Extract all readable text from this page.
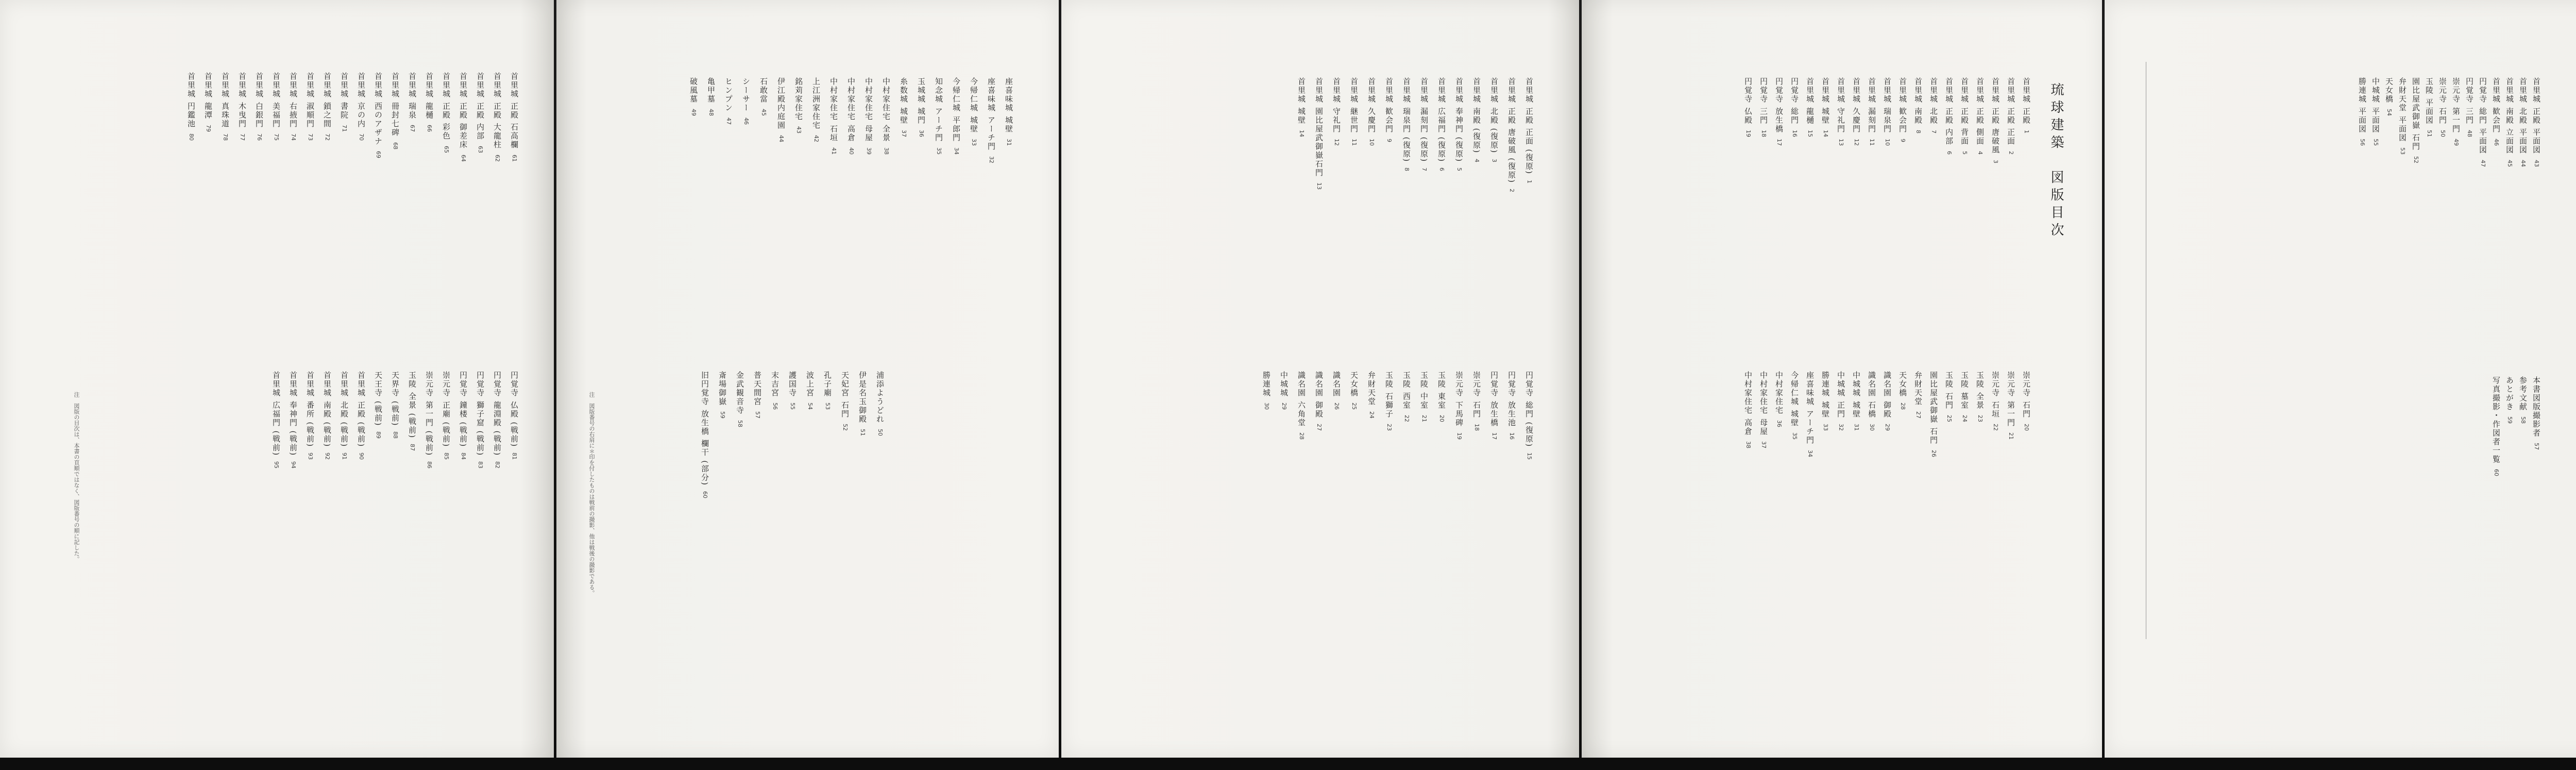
首里城 正殿 平面図43
首里城 北殿 平面図44
首里城 南殿 立面図45
首里城 歓会門46
円覚寺 総門 平面図47
円覚寺 三門48
崇元寺 第一門49
崇元寺 石門50
玉陵 平面図51
園比屋武御嶽 石門52
弁財天堂 平面図53
天女橋54
中城城 平面図55
勝連城 平面図56
本書図版撮影者57
参考文献58
あとがき59
写真撮影・作図者一覧60
琉球建築　図版目次
首里城 正殿1
首里城 正殿 正面2
首里城 正殿 唐破風3
首里城 正殿 側面4
首里城 正殿 背面5
首里城 正殿 内部6
首里城 北殿7
首里城 南殿8
首里城 歓会門9
首里城 瑞泉門10
首里城 漏刻門11
首里城 久慶門12
首里城 守礼門13
首里城 城壁14
首里城 龍樋15
円覚寺 総門16
円覚寺 放生橋17
円覚寺 三門18
円覚寺 仏殿19
崇元寺 石門20
崇元寺 第一門21
崇元寺 石垣22
玉陵 全景23
玉陵 墓室24
玉陵 石門25
園比屋武御嶽 石門26
弁財天堂27
天女橋28
識名園 御殿29
識名園 石橋30
中城城 城壁31
中城城 正門32
勝連城 城壁33
座喜味城 アーチ門34
今帰仁城 城壁35
中村家住宅36
中村家住宅 母屋37
中村家住宅 高倉38
首里城 正殿 正面 (復原)1
首里城 正殿 唐破風 (復原)2
首里城 北殿 (復原)3
首里城 南殿 (復原)4
首里城 奉神門 (復原)5
首里城 広福門 (復原)6
首里城 漏刻門 (復原)7
首里城 瑞泉門 (復原)8
首里城 歓会門9
首里城 久慶門10
首里城 継世門11
首里城 守礼門12
首里城 園比屋武御嶽石門13
首里城 城壁14
円覚寺 総門 (復原)15
円覚寺 放生池16
円覚寺 放生橋17
崇元寺 石門18
崇元寺 下馬碑19
玉陵 東室20
玉陵 中室21
玉陵 西室22
玉陵 石獅子23
弁財天堂24
天女橋25
識名園26
識名園 御殿27
識名園 六角堂28
中城城29
勝連城30
座喜味城 城壁31
座喜味城 アーチ門32
今帰仁城 城壁33
今帰仁城 平郎門34
知念城 アーチ門35
玉城城 城門36
糸数城 城壁37
中村家住宅 全景38
中村家住宅 母屋39
中村家住宅 高倉40
中村家住宅 石垣41
上江洲家住宅42
銘苅家住宅43
伊江殿内庭園44
石敢當45
シーサー46
ヒンプン47
亀甲墓48
破風墓49
浦添ようどれ50
伊是名玉御殿51
天妃宮 石門52
孔子廟53
波上宮54
護国寺55
末吉宮56
普天間宮57
金武観音寺58
斎場御嶽59
旧円覚寺 放生橋 欄干 (部分)60
注　図版番号の右肩に＊印を付したものは戦前の撮影、他は戦後の撮影である。
首里城 正殿 石高欄61
首里城 正殿 大龍柱62
首里城 正殿 内部63
首里城 正殿 御差床64
首里城 正殿 彩色65
首里城 龍樋66
首里城 瑞泉67
首里城 冊封七碑68
首里城 西のアザナ69
首里城 京の内70
首里城 書院71
首里城 鎖之間72
首里城 淑順門73
首里城 右掖門74
首里城 美福門75
首里城 白銀門76
首里城 木曳門77
首里城 真珠道78
首里城 龍潭79
首里城 円鑑池80
円覚寺 仏殿 (戦前)81
円覚寺 龍淵殿 (戦前)82
円覚寺 獅子窟 (戦前)83
円覚寺 鐘楼 (戦前)84
崇元寺 正廟 (戦前)85
崇元寺 第一門 (戦前)86
玉陵 全景 (戦前)87
天界寺 (戦前)88
天王寺 (戦前)89
首里城 正殿 (戦前)90
首里城 北殿 (戦前)91
首里城 南殿 (戦前)92
首里城 番所 (戦前)93
首里城 奉神門 (戦前)94
首里城 広福門 (戦前)95
注　図版の目次は、本書の頁順ではなく、図版番号の順に記した。
